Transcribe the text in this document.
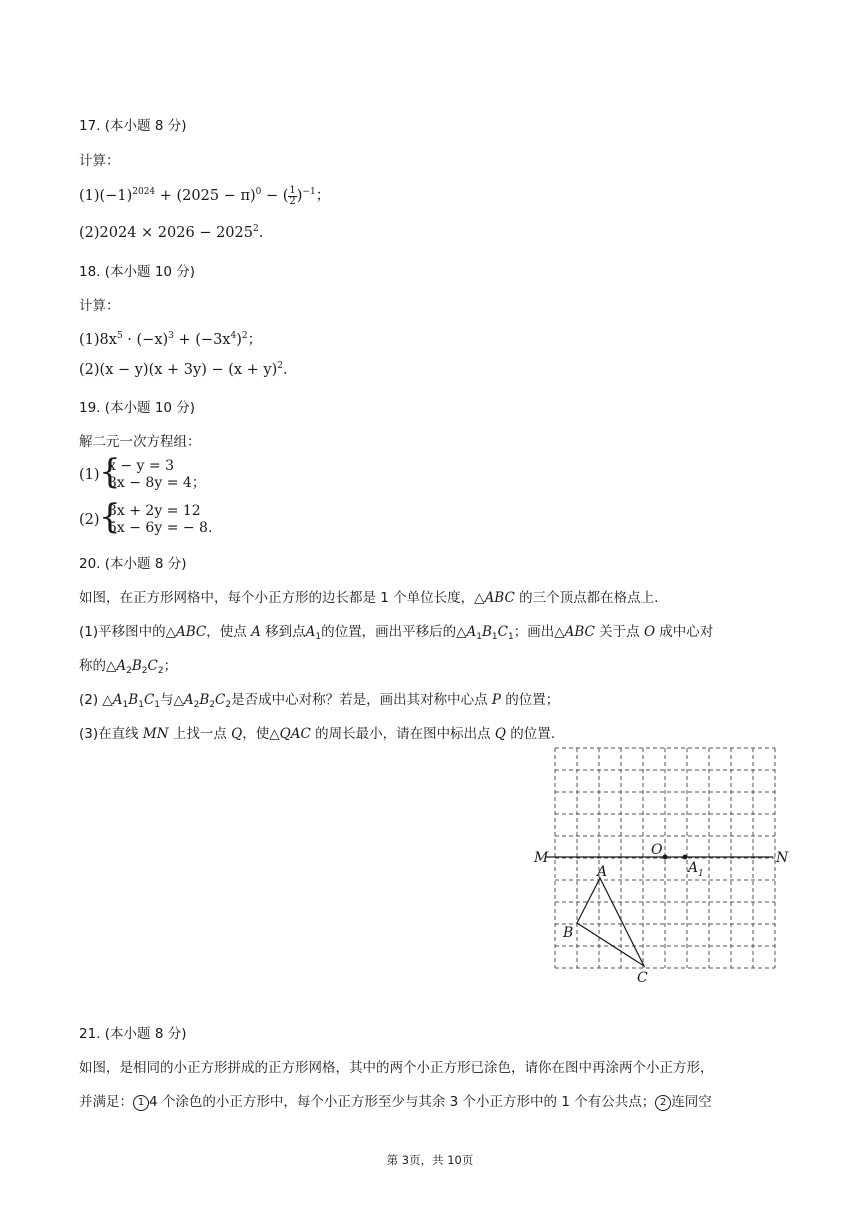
17. (本小题 8 分)
计算：
$(1)(-1)^{2024} + (2025 - \pi)^0$ − ( $\frac{1}{2} )^{-1}$；
$(2)2024 \times 2026 - 2025^2$.
18. (本小题 10 分)
计算：
$(1)8x^5 \cdot (-x)^3 + (-3x^4)^2$；
$(2)(x - y)(x + 3y) - (x + y)^2$.
19. (本小题 10 分)
解二元一次方程组：
(1) {
x − y = 3
3x − 8y = 4；
(2) {
3x + 2y = 12
5x − 6y = − 8.
20. (本小题 8 分)
如图，在正方形网格中，每个小正方形的边长都是 1 个单位长度，△ABC 的三个顶点都在格点上.
(1)平移图中的△ABC，使点 A 移到点$A_1$的位置，画出平移后的$\triangle A_1B_1C_1$；画出△ABC 关于点 O 成中心对
称的$\triangle A_2B_2C_2$；
(2) $\triangle A_1B_1C_1$与$\triangle A_2B_2C_2$是否成中心对称？若是，画出其对称中心点 P 的位置；
(3)在直线 MN 上找一点 Q，使△QAC 的周长最小，请在图中标出点 Q 的位置.
M	N
O
A 1
A
B
C
21. (本小题 8 分)
如图，是相同的小正方形拼成的正方形网格，其中的两个小正方形已涂色，请你在图中再涂两个小正方形，
并满足： 1 4 个涂色的小正方形中，每个小正方形至少与其余 3 个小正方形中的 1 个有公共点； 2 连同空
第 3页，共 10页
